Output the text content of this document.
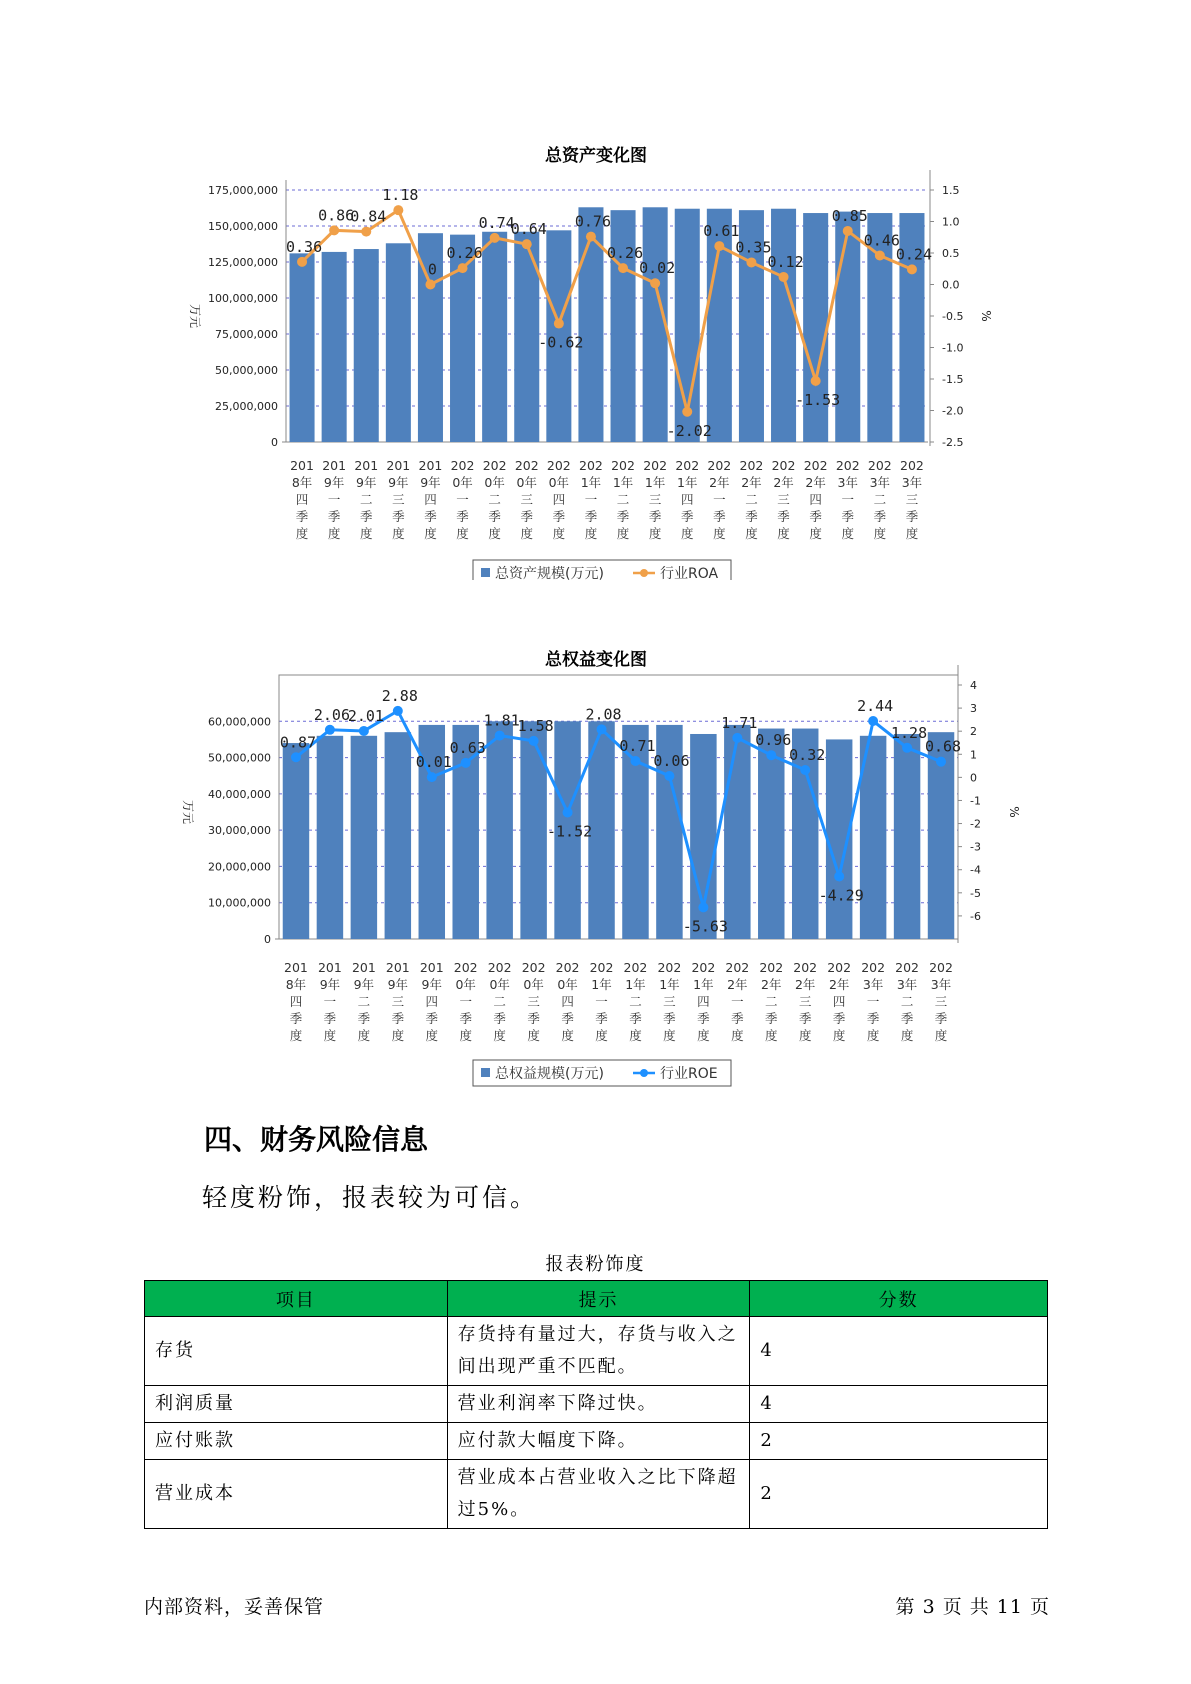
总资产变化图
175,000,000
150,000,000
125,000,000
100,000,000
75,000,000
50,000,000
25,000,000
0
1.5
1.0
0.5
0.0
-0.5
-1.0
-1.5
-2.0
-2.5
万元	%
201 8年四季度
201 9年一季度
201 9年二季度
201 9年三季度
201 9年四季度
202 0年一季度
202 0年二季度
202 0年三季度
202 0年四季度
202 1年一季度
202 1年二季度
202 1年三季度
202 1年四季度
202 2年一季度
202 2年二季度
202 2年三季度
202 2年四季度
202 3年一季度
202 3年二季度
202 3年三季度
0.36
0.86
0.84
1.18
0
0.26
0.74
0.64
-0.62
0.76
0.26
0.02
-2.02
0.61
0.35
0.12
-1.53
0.85
0.46
0.24
总资产规模(万元)	行业ROA
总权益变化图
60,000,000
50,000,000
40,000,000
30,000,000
20,000,000
10,000,000
0
4
3
2
1
0
-1
-2
-3
-4
-5
-6
万元	%
201 8年四季度
201 9年一季度
201 9年二季度
201 9年三季度
201 9年四季度
202 0年一季度
202 0年二季度
202 0年三季度
202 0年四季度
202 1年一季度
202 1年二季度
202 1年三季度
202 1年四季度
202 2年一季度
202 2年二季度
202 2年三季度
202 2年四季度
202 3年一季度
202 3年二季度
202 3年三季度
0.87
2.06
2.01
2.88
0.01
0.63
1.81
1.58
-1.52
2.08
0.71
0.06
-5.63
1.71
0.96
0.32
-4.29
2.44
1.28
0.68
总权益规模(万元)	行业ROE
四、财务风险信息
轻度粉饰，报表较为可信。
报表粉饰度
项目	提示	分数
存货	存货持有量过大，存货与收入之间出现严重不匹配。	4
利润质量	营业利润率下降过快。	4
应付账款	应付款大幅度下降。	2
营业成本	营业成本占营业收入之比下降超过5%。	2
内部资料，妥善保管	第 3 页 共 11 页
